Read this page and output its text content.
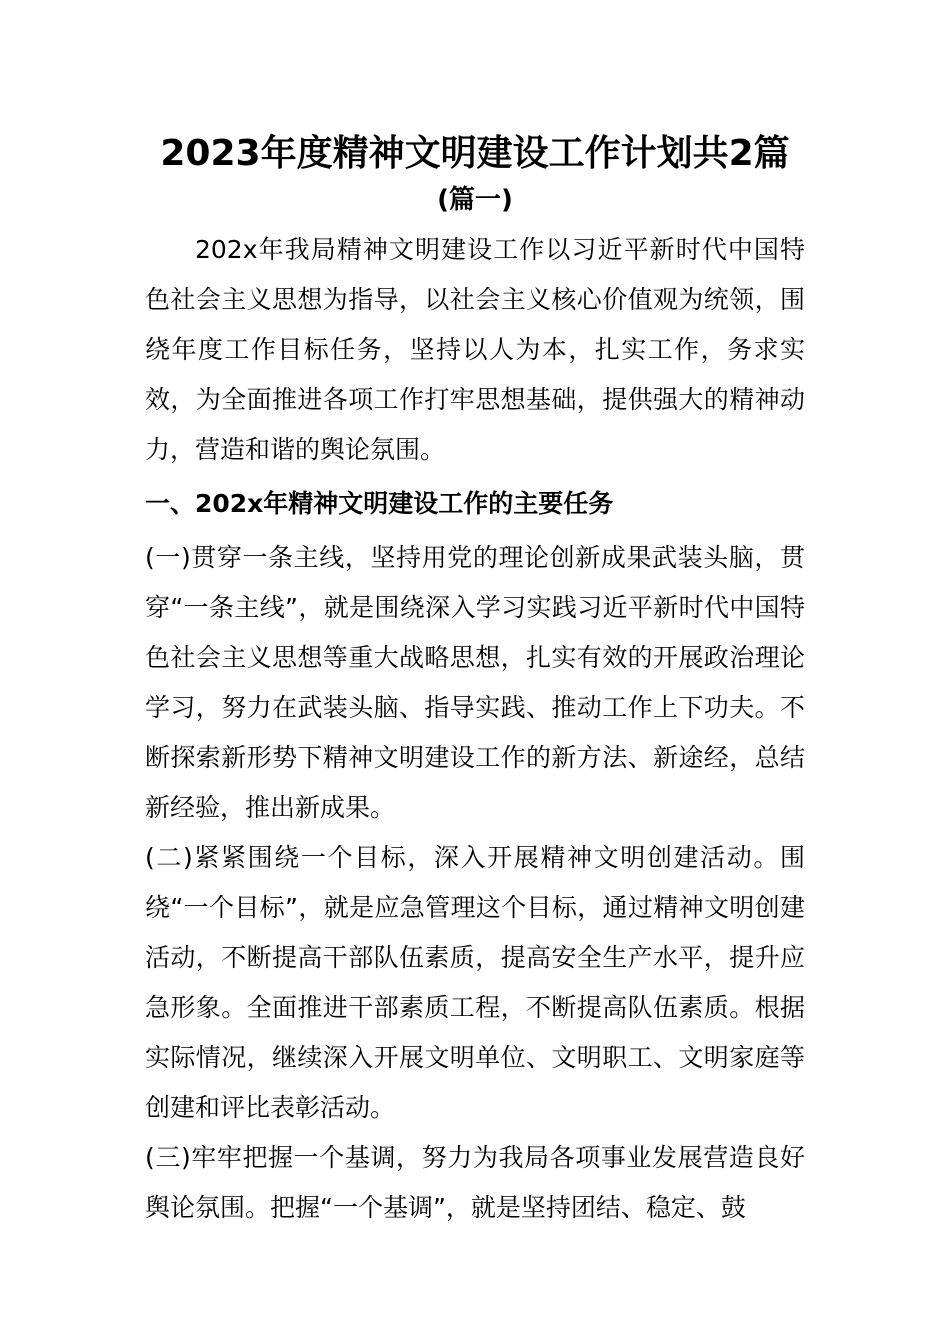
2023年度精神文明建设工作计划共2篇
(篇一)

202x年我局精神文明建设工作以习近平新时代中国特色社会主义思想为指导，以社会主义核心价值观为统领，围绕年度工作目标任务，坚持以人为本，扎实工作，务求实效，为全面推进各项工作打牢思想基础，提供强大的精神动力，营造和谐的舆论氛围。

一、202x年精神文明建设工作的主要任务

(一)贯穿一条主线，坚持用党的理论创新成果武装头脑，贯穿“一条主线”，就是围绕深入学习实践习近平新时代中国特色社会主义思想等重大战略思想，扎实有效的开展政治理论学习，努力在武装头脑、指导实践、推动工作上下功夫。不断探索新形势下精神文明建设工作的新方法、新途经，总结新经验，推出新成果。

(二)紧紧围绕一个目标，深入开展精神文明创建活动。围绕“一个目标”，就是应急管理这个目标，通过精神文明创建活动，不断提高干部队伍素质，提高安全生产水平，提升应急形象。全面推进干部素质工程，不断提高队伍素质。根据实际情况，继续深入开展文明单位、文明职工、文明家庭等创建和评比表彰活动。

(三)牢牢把握一个基调，努力为我局各项事业发展营造良好舆论氛围。把握“一个基调”，就是坚持团结、稳定、鼓
